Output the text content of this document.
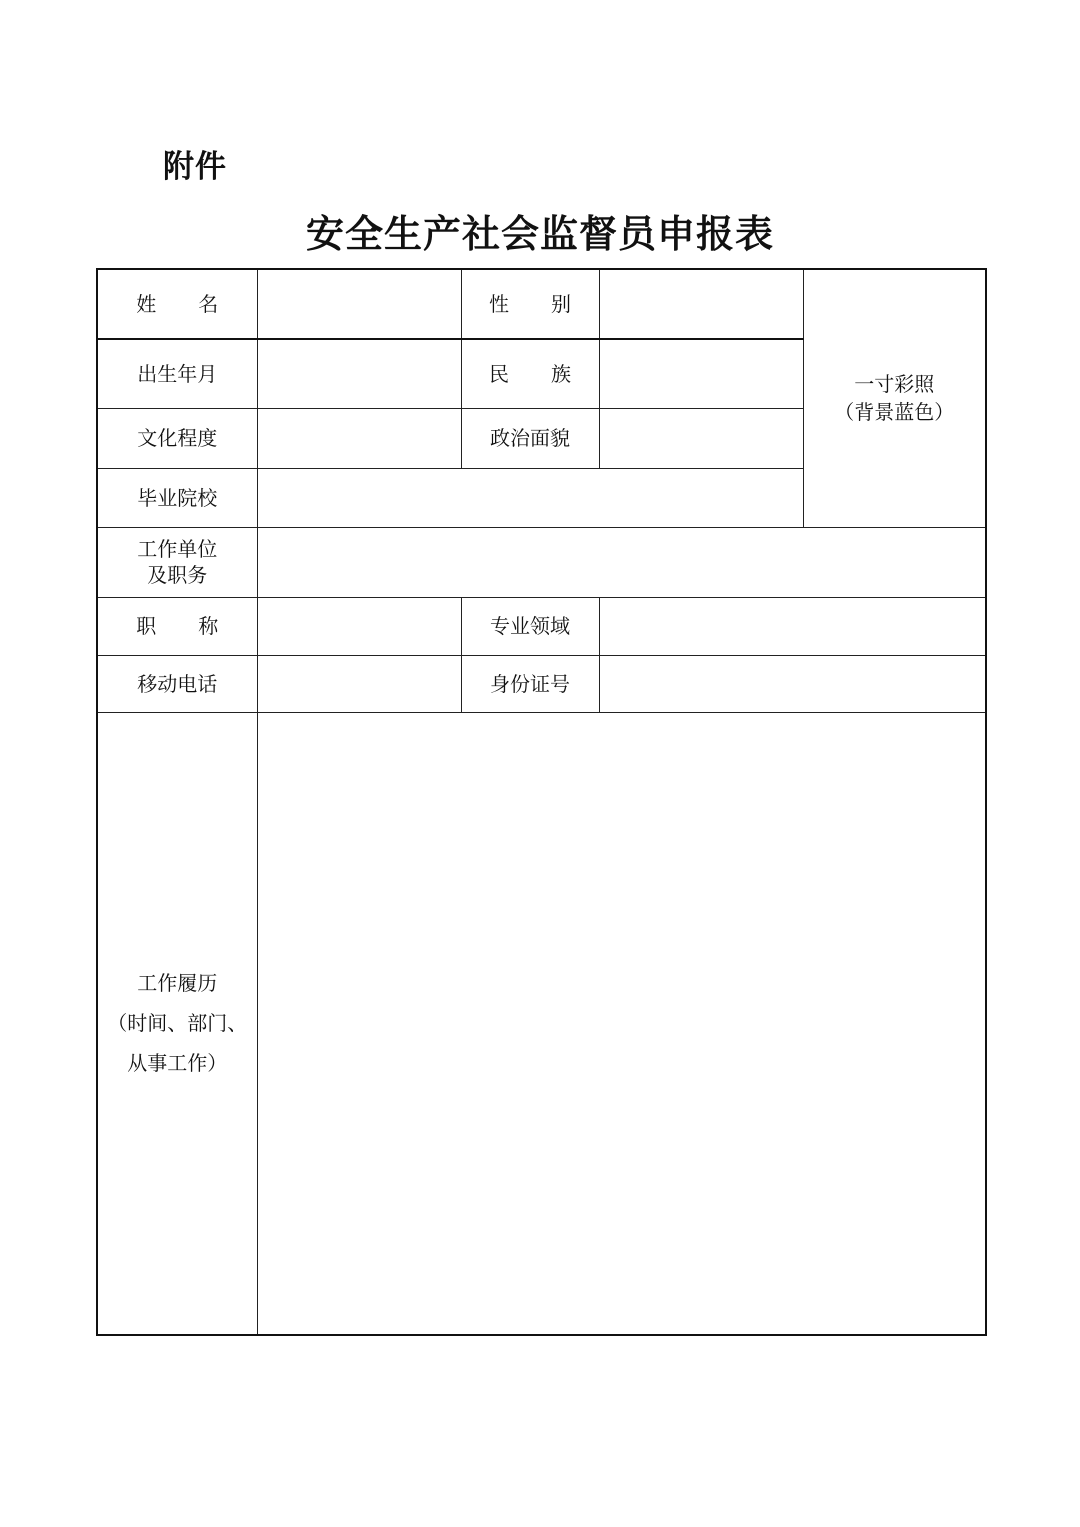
附件
安全生产社会监督员申报表
姓 名		性 别		一寸彩照
（背景蓝色）

出生年月		民 族		
文化程度		政治面貌		
毕业院校				

工作单位
及职务				

职 称		专业领域		
移动电话		身份证号		

工作履历
（时间、部门、
从事工作）				
